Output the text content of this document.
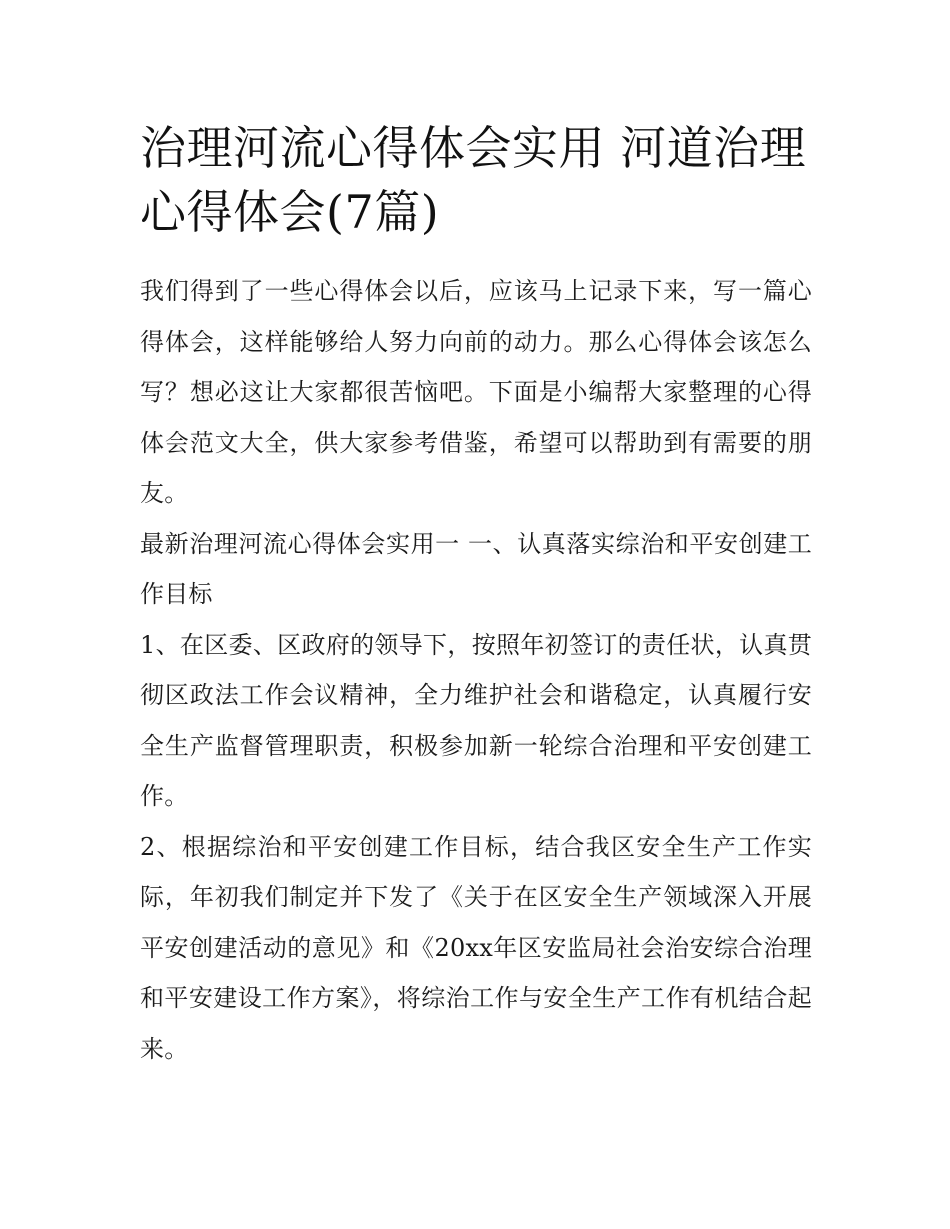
治理河流心得体会实用 河道治理心得体会(7篇)

我们得到了一些心得体会以后，应该马上记录下来，写一篇心得体会，这样能够给人努力向前的动力。那么心得体会该怎么写？想必这让大家都很苦恼吧。下面是小编帮大家整理的心得体会范文大全，供大家参考借鉴，希望可以帮助到有需要的朋友。

最新治理河流心得体会实用一 一、认真落实综治和平安创建工作目标

1、在区委、区政府的领导下，按照年初签订的责任状，认真贯彻区政法工作会议精神，全力维护社会和谐稳定，认真履行安全生产监督管理职责，积极参加新一轮综合治理和平安创建工作。

2、根据综治和平安创建工作目标，结合我区安全生产工作实际，年初我们制定并下发了《关于在区安全生产领域深入开展平安创建活动的意见》和《20xx年区安监局社会治安综合治理和平安建设工作方案》，将综治工作与安全生产工作有机结合起来。
